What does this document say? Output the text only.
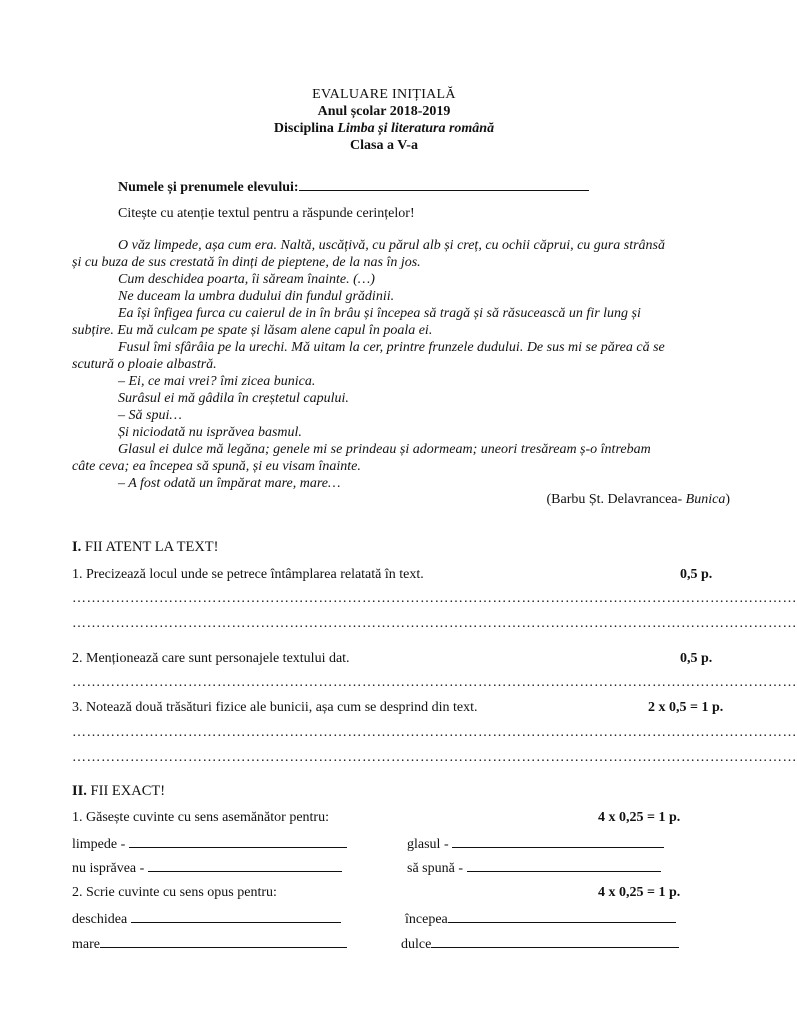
EVALUARE INIȚIALĂ
Anul școlar 2018-2019
Disciplina Limba și literatura română
Clasa a V-a
Numele și prenumele elevului:
Citește cu atenție textul pentru a răspunde cerințelor!
O văz limpede, așa cum era. Naltă, uscățivă, cu părul alb și creț, cu ochii căprui, cu gura strânsă
și cu buza de sus crestată în dinți de pieptene, de la nas în jos.
Cum deschidea poarta, îi săream înainte. (…)
Ne duceam la umbra dudului din fundul grădinii.
Ea își înfigea furca cu caierul de in în brâu și începea să tragă și să răsucească un fir lung și
subțire. Eu mă culcam pe spate și lăsam alene capul în poala ei.
Fusul îmi sfârâia pe la urechi. Mă uitam la cer, printre frunzele dudului. De sus mi se părea că se
scutură o ploaie albastră.
– Ei, ce mai vrei? îmi zicea bunica.
Surâsul ei mă gâdila în creștetul capului.
– Să spui…
Și niciodată nu isprăvea basmul.
Glasul ei dulce mă legăna; genele mi se prindeau și adormeam; uneori tresăream ș-o întrebam
câte ceva; ea începea să spună, și eu visam înainte.
– A fost odată un împărat mare, mare…
(Barbu Șt. Delavrancea- Bunica)
I. FII ATENT LA TEXT!
1. Precizează locul unde se petrece întâmplarea relatată în text.	0,5 p.
……………………………………………………………………………………………………………………………………
……………………………………………………………………………………………………………………………………
2. Menționează care sunt personajele textului dat.	0,5 p.
……………………………………………………………………………………………………………………………………
3. Notează două trăsături fizice ale bunicii, așa cum se desprind din text.	2 x 0,5 = 1 p.
……………………………………………………………………………………………………………………………………
……………………………………………………………………………………………………………………………………
II. FII EXACT!
1. Găsește cuvinte cu sens asemănător pentru:	4 x 0,25 = 1 p.
limpede -	glasul -
nu isprăvea -	să spună -
2. Scrie cuvinte cu sens opus pentru:	4 x 0,25 = 1 p.
deschidea	începea
mare	dulce
